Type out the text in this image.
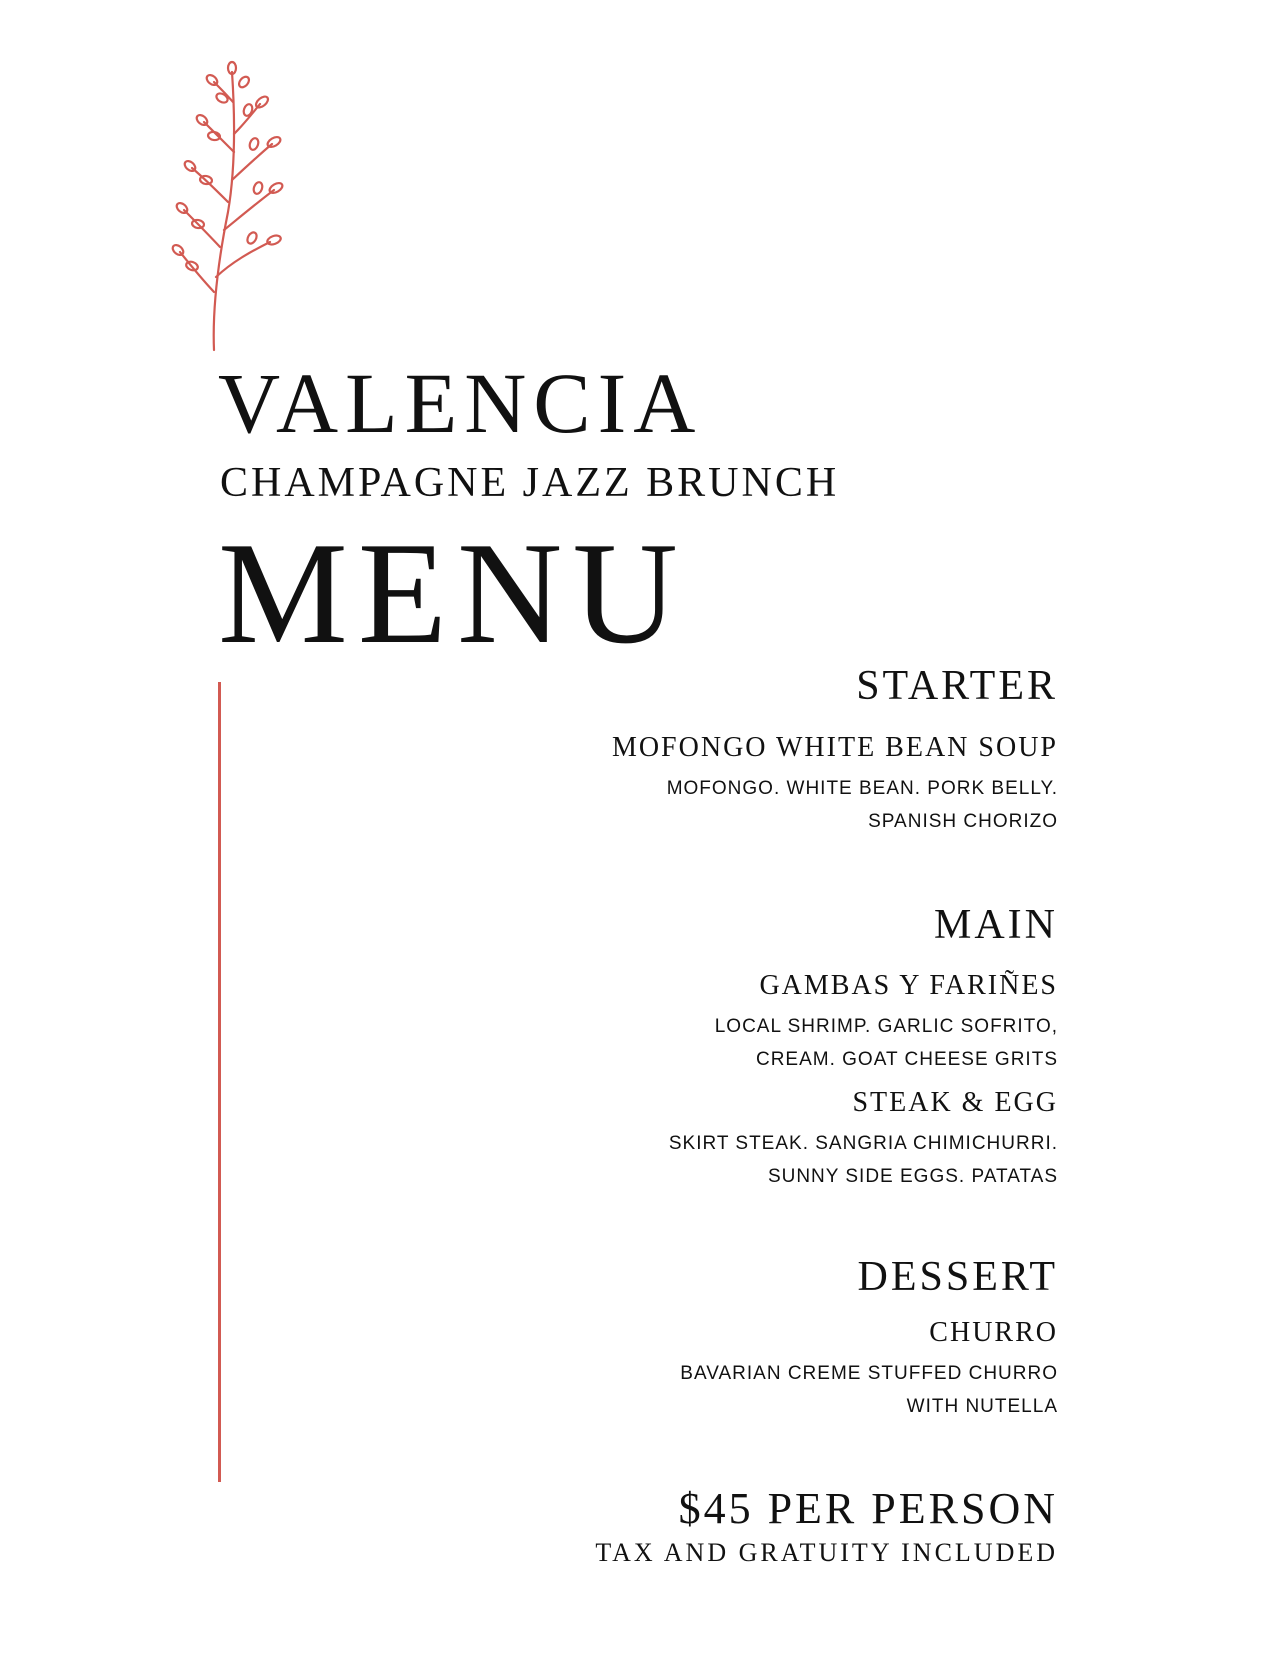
VALENCIA
CHAMPAGNE JAZZ BRUNCH
MENU
STARTER
MOFONGO WHITE BEAN SOUP
MOFONGO. WHITE BEAN. PORK BELLY.
SPANISH CHORIZO
MAIN
GAMBAS Y FARIÑES
LOCAL SHRIMP. GARLIC SOFRITO,
CREAM. GOAT CHEESE GRITS
STEAK & EGG
SKIRT STEAK. SANGRIA CHIMICHURRI.
SUNNY SIDE EGGS. PATATAS
DESSERT
CHURRO
BAVARIAN CREME STUFFED CHURRO
WITH NUTELLA
$45 PER PERSON
TAX AND GRATUITY INCLUDED
